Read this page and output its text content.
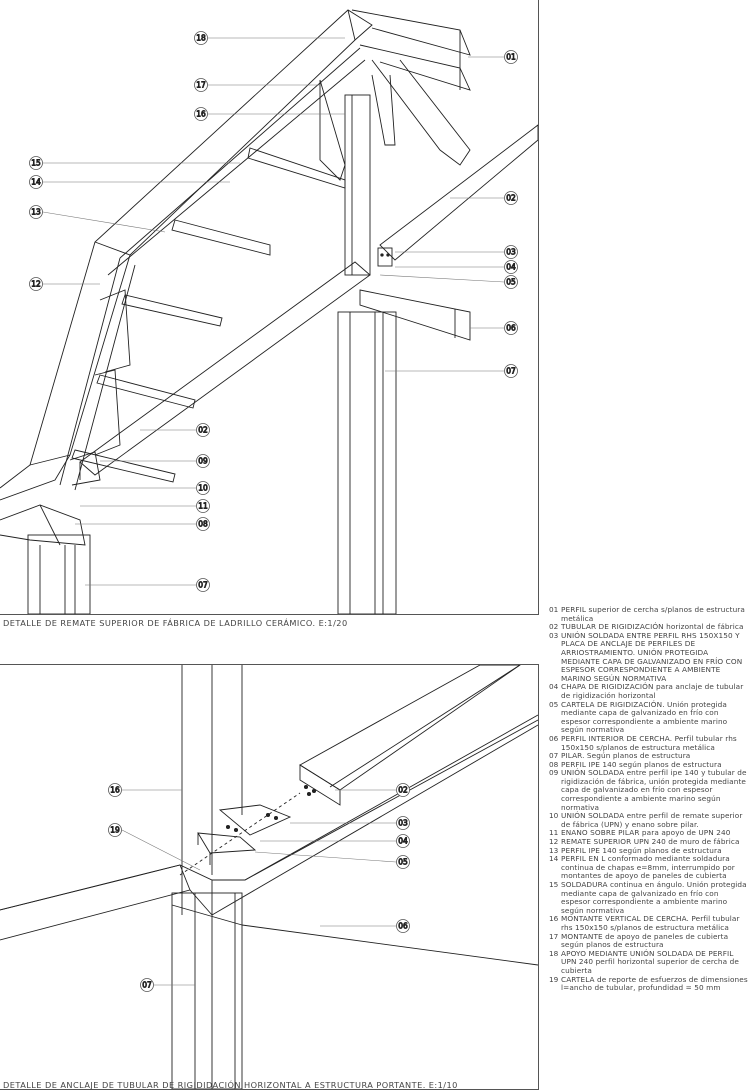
18
01
17
16
15
14
13
02
12
03
04
05
06
07
02
09
10
11
08
07
DETALLE DE REMATE SUPERIOR DE FÁBRICA DE LADRILLO CERÁMICO. E:1/20
16	02
19
03
04
05
06
07
DETALLE DE ANCLAJE DE TUBULAR DE RIGIDIDACIÓN HORIZONTAL A ESTRUCTURA PORTANTE. E:1/10
01 PERFIL superior de cercha s/planos de estructura metálica
02 TUBULAR DE RIGIDIZACIÓN horizontal de fábrica
03 UNIÓN SOLDADA ENTRE PERFIL RHS 150X150 Y PLACA DE ANCLAJE DE PERFILES DE ARRIOSTRAMIENTO. UNIÓN PROTEGIDA MEDIANTE CAPA DE GALVANIZADO EN FRÍO CON ESPESOR CORRESPONDIENTE A AMBIENTE MARINO SEGÚN NORMATIVA
04 CHAPA DE RIGIDIZACIÓN para anclaje de tubular de rigidización horizontal
05 CARTELA DE RIGIDIZACIÓN. Unión protegida mediante capa de galvanizado en frío con espesor correspondiente a ambiente marino según normativa
06 PERFIL INTERIOR DE CERCHA. Perfil tubular rhs 150x150 s/planos de estructura metálica
07 PILAR. Según planos de estructura
08 PERFIL IPE 140 según planos de estructura
09 UNIÓN SOLDADA entre perfil ipe 140 y tubular de rigidización de fábrica, unión protegida mediante capa de galvanizado en frío con espesor correspondiente a ambiente marino según normativa
10 UNIÓN SOLDADA entre perfil de remate superior de fábrica (UPN) y enano sobre pilar.
11 ENANO SOBRE PILAR para apoyo de UPN 240
12 REMATE SUPERIOR UPN 240 de muro de fábrica
13 PERFIL IPE 140 según planos de estructura
14 PERFIL EN L conformado mediante soldadura continua de chapas e=8mm, interrumpido por montantes de apoyo de paneles de cubierta
15 SOLDADURA continua en ángulo. Unión protegida mediante capa de galvanizado en frío con espesor correspondiente a ambiente marino según normativa
16 MONTANTE VERTICAL DE CERCHA. Perfil tubular rhs 150x150 s/planos de estructura metálica
17 MONTANTE de apoyo de paneles de cubierta según planos de estructura
18 APOYO MEDIANTE UNIÓN SOLDADA DE PERFIL UPN 240 perfil horizontal superior de cercha de cubierta
19 CARTELA de reporte de esfuerzos de dimensiones l=ancho de tubular, profundidad = 50 mm
